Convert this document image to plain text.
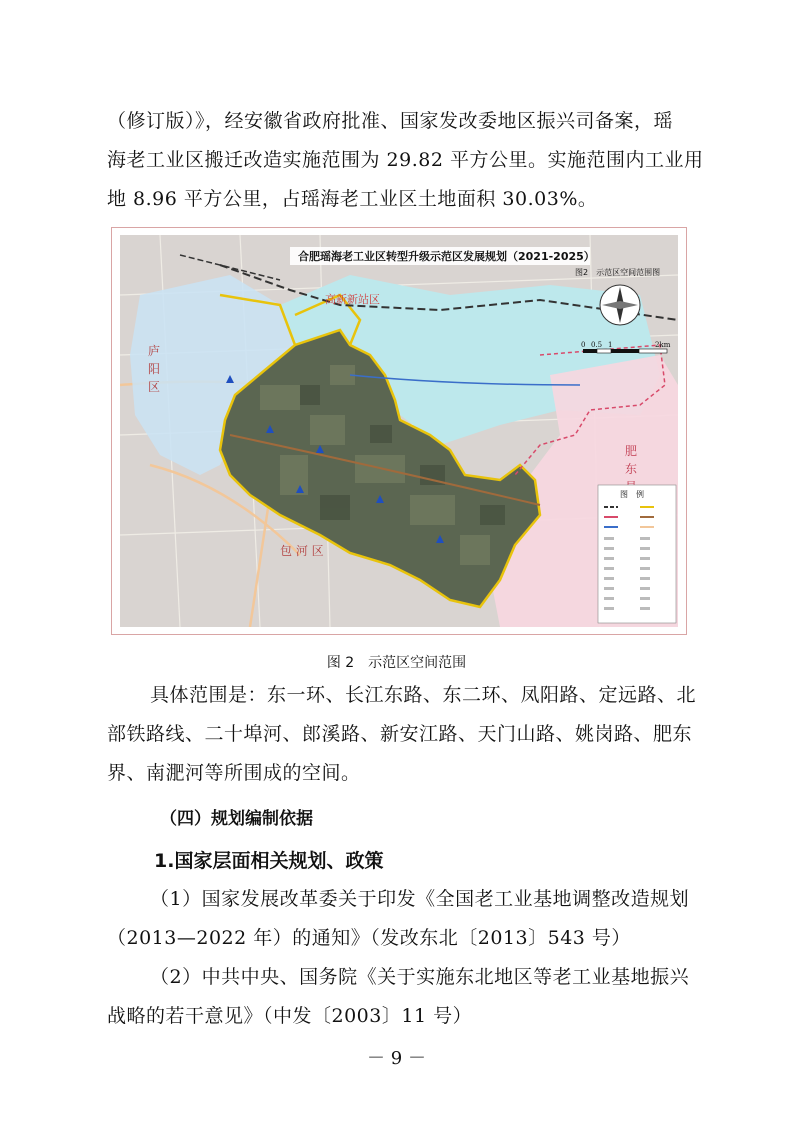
（修订版）》，经安徽省政府批准、国家发改委地区振兴司备案，瑶
海老工业区搬迁改造实施范围为 29.82 平方公里。实施范围内工业用
地 8.96 平方公里，占瑶海老工业区土地面积 30.03%。
合肥瑶海老工业区转型升级示范区发展规划（2021-2025）
图2　示范区空间范围图
高新新站区
庐
阳
区
肥
东
包 河 区
0 0.5 1	2km
图　例
图 2　示范区空间范围
具体范围是：东一环、长江东路、东二环、凤阳路、定远路、北
部铁路线、二十埠河、郎溪路、新安江路、天门山路、姚岗路、肥东
界、南淝河等所围成的空间。
（四）规划编制依据
1.国家层面相关规划、政策
（1）国家发展改革委关于印发《全国老工业基地调整改造规划
（2013—2022 年）的通知》（发改东北〔2013〕543 号）
（2）中共中央、国务院《关于实施东北地区等老工业基地振兴
战略的若干意见》（中发〔2003〕11 号）
－ 9 －
